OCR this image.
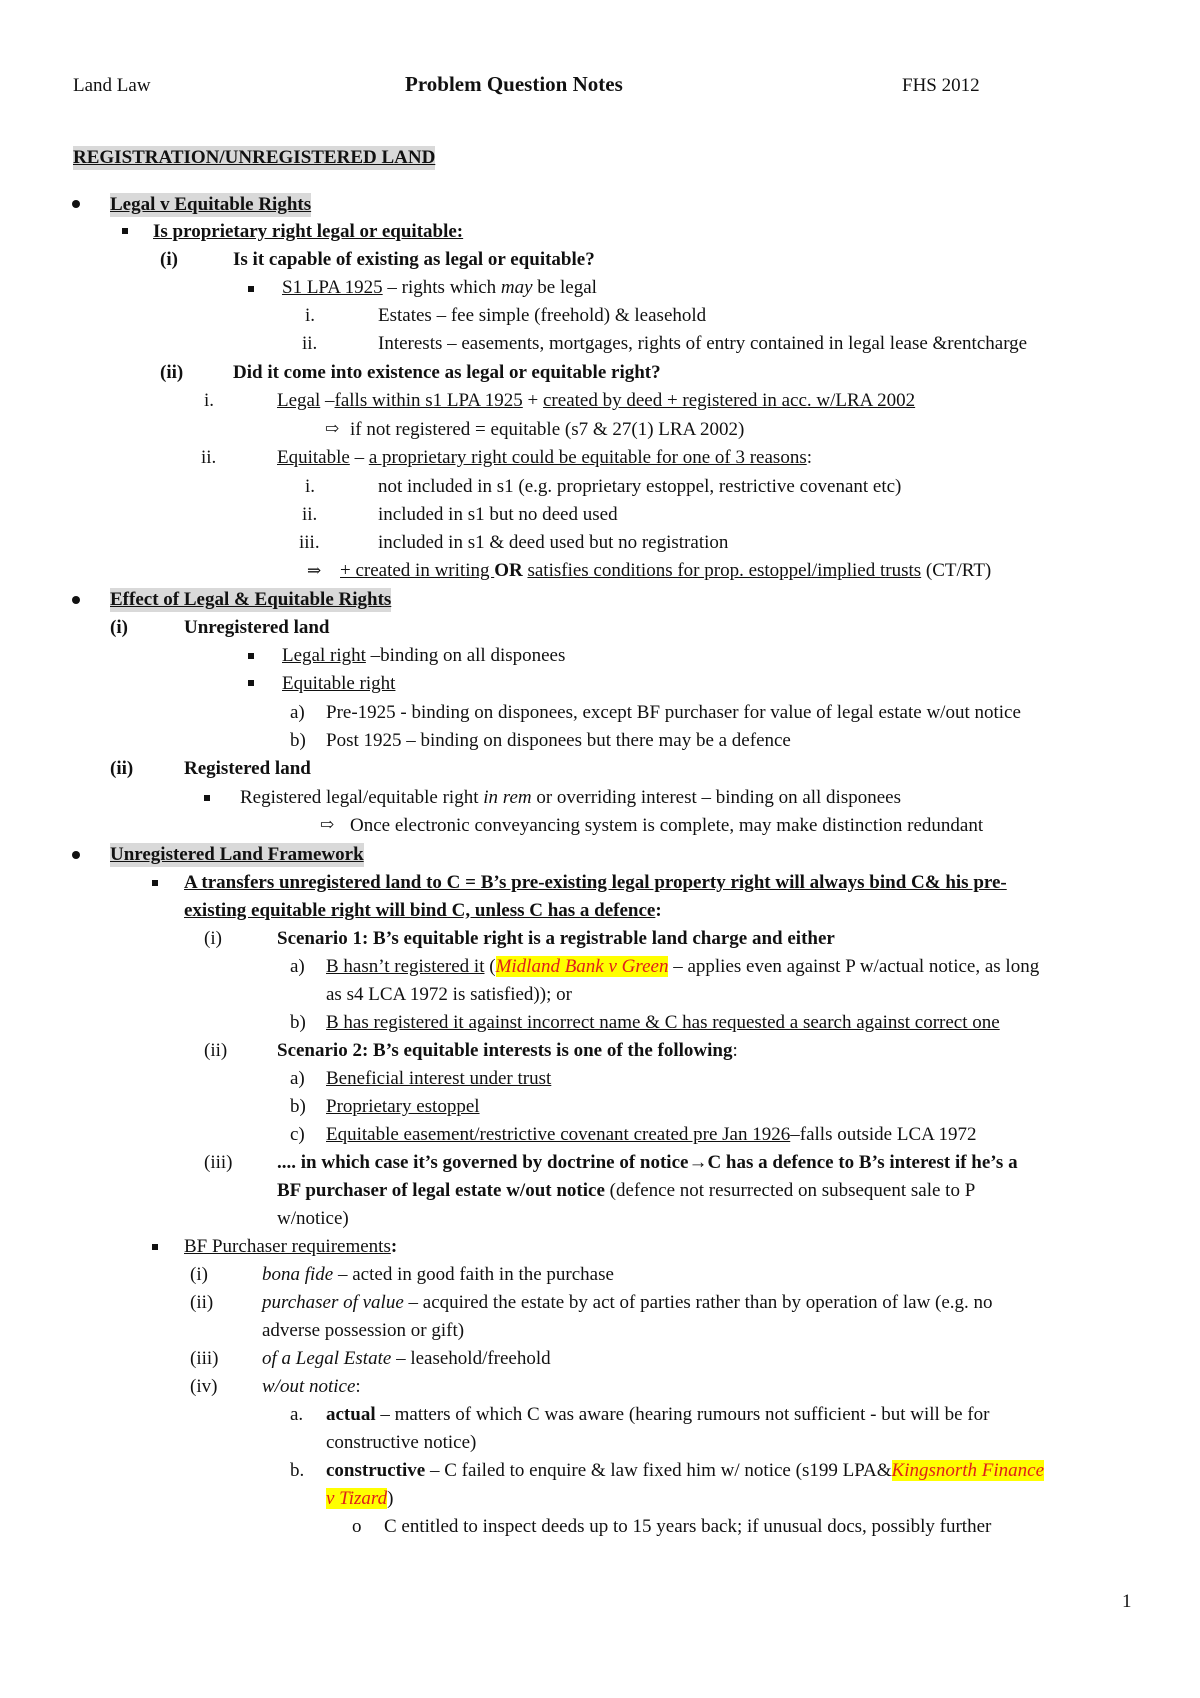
Land Law	Problem Question Notes	FHS 2012
REGISTRATION/UNREGISTERED LAND
Legal v Equitable Rights
Is proprietary right legal or equitable:
(i)	Is it capable of existing as legal or equitable?
S1 LPA 1925 – rights which may be legal
i.	Estates – fee simple (freehold) & leasehold
ii.	Interests – easements, mortgages, rights of entry contained in legal lease &rentcharge
(ii)	Did it come into existence as legal or equitable right?
i.	Legal –falls within s1 LPA 1925 + created by deed + registered in acc. w/LRA 2002
⇨ if not registered = equitable (s7 & 27(1) LRA 2002)
ii.	Equitable – a proprietary right could be equitable for one of 3 reasons:
i.	not included in s1 (e.g. proprietary estoppel, restrictive covenant etc)
ii.	included in s1 but no deed used
iii.	included in s1 & deed used but no registration
⇒ + created in writing OR satisfies conditions for prop. estoppel/implied trusts (CT/RT)
Effect of Legal & Equitable Rights
(i)	Unregistered land
Legal right –binding on all disponees
Equitable right
a) Pre-1925 - binding on disponees, except BF purchaser for value of legal estate w/out notice
b) Post 1925 – binding on disponees but there may be a defence
(ii)	Registered land
Registered legal/equitable right in rem or overriding interest – binding on all disponees
⇨ Once electronic conveyancing system is complete, may make distinction redundant
Unregistered Land Framework
A transfers unregistered land to C = B’s pre-existing legal property right will always bind C& his pre-
existing equitable right will bind C, unless C has a defence:
(i)	Scenario 1: B’s equitable right is a registrable land charge and either
a) B hasn’t registered it (Midland Bank v Green – applies even against P w/actual notice, as long
as s4 LCA 1972 is satisfied)); or
b) B has registered it against incorrect name & C has requested a search against correct one
(ii)	Scenario 2: B’s equitable interests is one of the following:
a) Beneficial interest under trust
b) Proprietary estoppel
c) Equitable easement/restrictive covenant created pre Jan 1926–falls outside LCA 1972
(iii) .... in which case it’s governed by doctrine of notice→C has a defence to B’s interest if he’s a
BF purchaser of legal estate w/out notice (defence not resurrected on subsequent sale to P
w/notice)
BF Purchaser requirements:
(i)	bona fide – acted in good faith in the purchase
(ii)	purchaser of value – acquired the estate by act of parties rather than by operation of law (e.g. no
adverse possession or gift)
(iii) of a Legal Estate – leasehold/freehold
(iv) w/out notice:
a. actual – matters of which C was aware (hearing rumours not sufficient - but will be for
constructive notice)
b. constructive – C failed to enquire & law fixed him w/ notice (s199 LPA&Kingsnorth Finance
v Tizard)
o C entitled to inspect deeds up to 15 years back; if unusual docs, possibly further
1
